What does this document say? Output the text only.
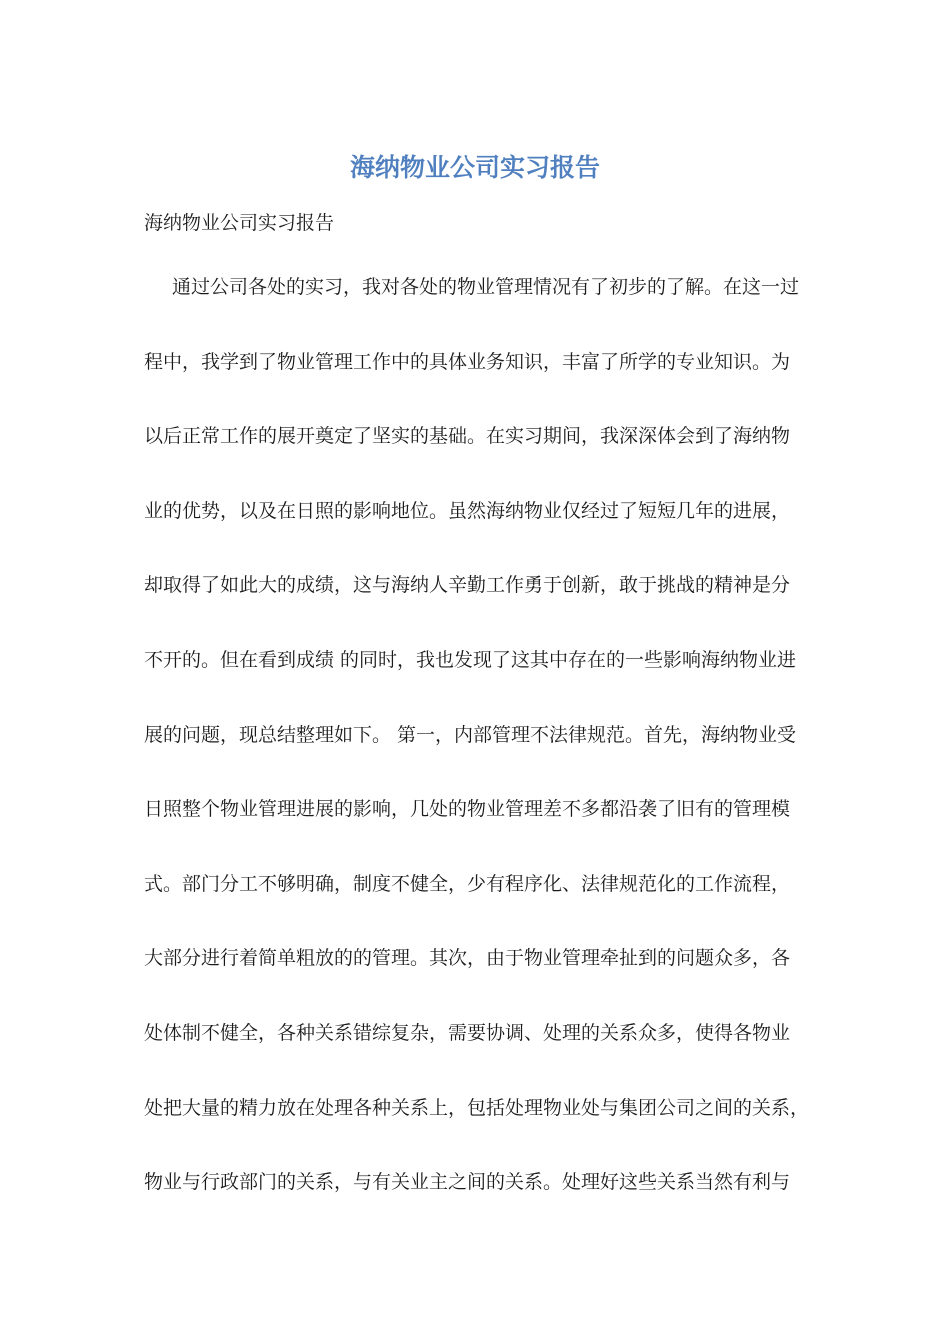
海纳物业公司实习报告
海纳物业公司实习报告
通过公司各处的实习，我对各处的物业管理情况有了初步的了解。在这一过
程中，我学到了物业管理工作中的具体业务知识，丰富了所学的专业知识。为
以后正常工作的展开奠定了坚实的基础。在实习期间，我深深体会到了海纳物
业的优势，以及在日照的影响地位。虽然海纳物业仅经过了短短几年的进展，
却取得了如此大的成绩，这与海纳人辛勤工作勇于创新，敢于挑战的精神是分
不开的。但在看到成绩 的同时，我也发现了这其中存在的一些影响海纳物业进
展的问题，现总结整理如下。 第一，内部管理不法律规范。首先，海纳物业受
日照整个物业管理进展的影响，几处的物业管理差不多都沿袭了旧有的管理模
式。部门分工不够明确，制度不健全，少有程序化、法律规范化的工作流程，
大部分进行着简单粗放的的管理。其次，由于物业管理牵扯到的问题众多，各
处体制不健全，各种关系错综复杂，需要协调、处理的关系众多，使得各物业
处把大量的精力放在处理各种关系上，包括处理物业处与集团公司之间的关系，
物业与行政部门的关系，与有关业主之间的关系。处理好这些关系当然有利与
